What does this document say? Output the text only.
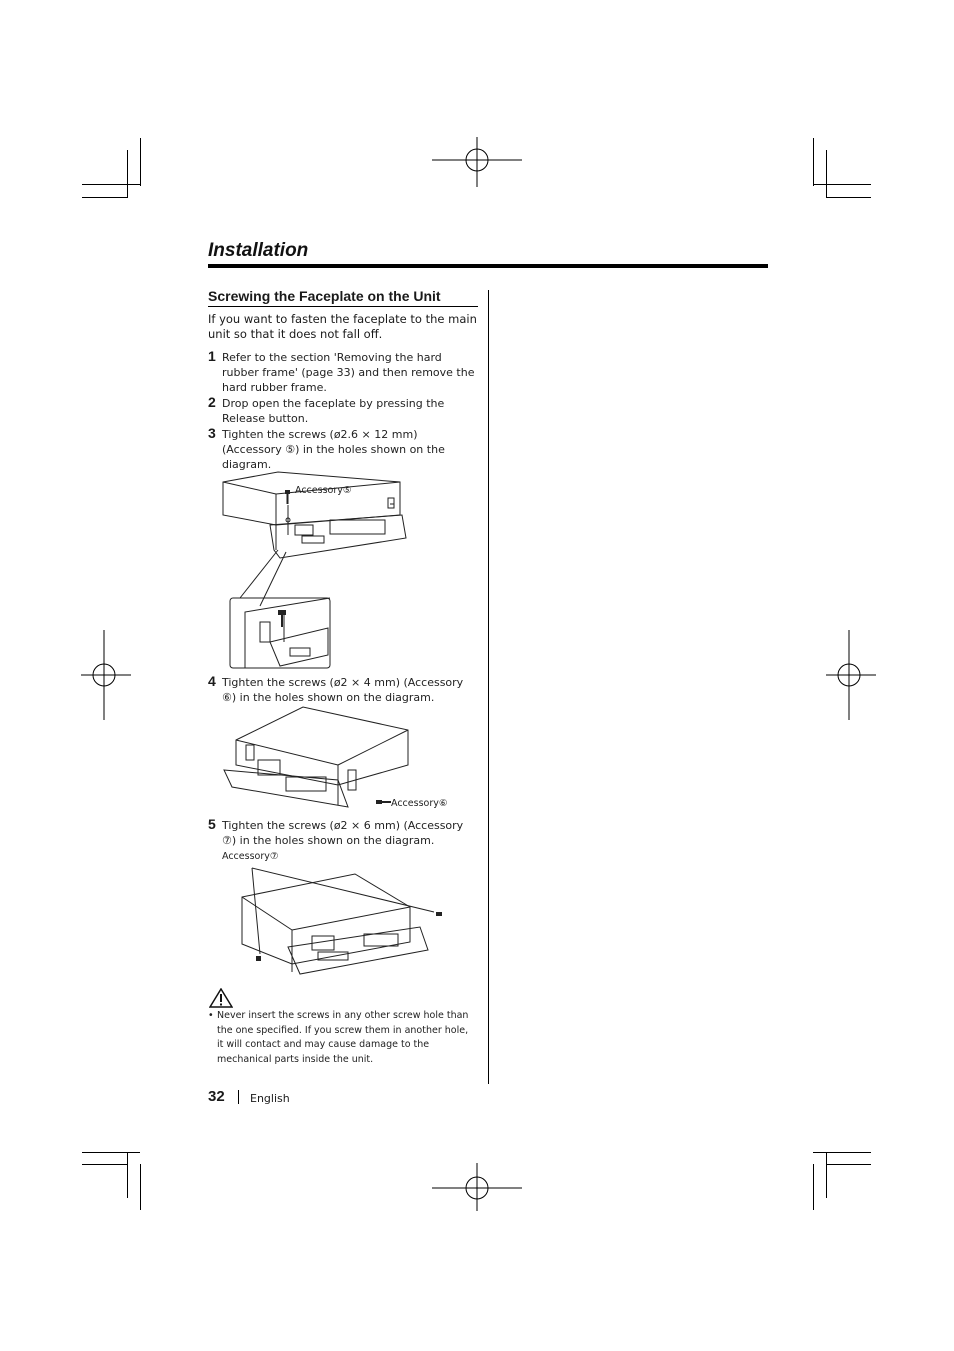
Installation
Screwing the Faceplate on the Unit
If you want to fasten the faceplate to the main unit so that it does not fall off.
1 Refer to the section 'Removing the hard rubber frame' (page 33) and then remove the hard rubber frame.
2 Drop open the faceplate by pressing the Release button.
3 Tighten the screws (ø2.6 × 12 mm) (Accessory ⑤) in the holes shown on the diagram.
Accessory⑤
4 Tighten the screws (ø2 × 4 mm) (Accessory ⑥) in the holes shown on the diagram.
Accessory⑥
5 Tighten the screws (ø2 × 6 mm) (Accessory ⑦) in the holes shown on the diagram.
Accessory⑦
• Never insert the screws in any other screw hole than the one specified. If you screw them in another hole, it will contact and may cause damage to the mechanical parts inside the unit.
32 English
